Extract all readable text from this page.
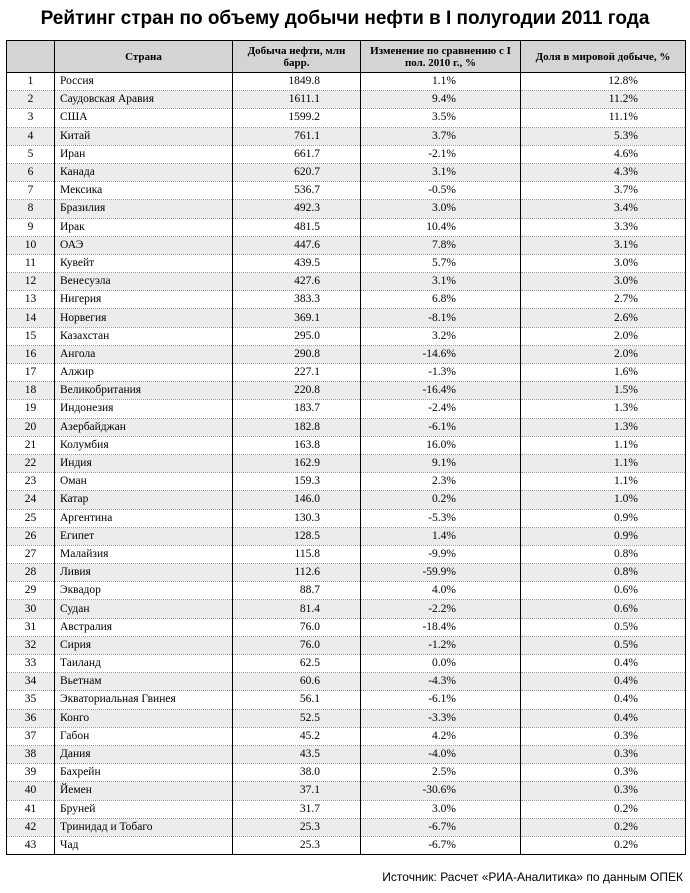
Рейтинг стран по объему добычи нефти в I полугодии 2011 года
	Страна	Добыча нефти, млн барр.	Изменение по сравнению с I пол. 2010 г., %	Доля в мировой добыче, %
1	Россия	1849.8	1.1%	12.8%
2	Саудовская Аравия	1611.1	9.4%	11.2%
3	США	1599.2	3.5%	11.1%
4	Китай	761.1	3.7%	5.3%
5	Иран	661.7	-2.1%	4.6%
6	Канада	620.7	3.1%	4.3%
7	Мексика	536.7	-0.5%	3.7%
8	Бразилия	492.3	3.0%	3.4%
9	Ирак	481.5	10.4%	3.3%
10	ОАЭ	447.6	7.8%	3.1%
11	Кувейт	439.5	5.7%	3.0%
12	Венесуэла	427.6	3.1%	3.0%
13	Нигерия	383.3	6.8%	2.7%
14	Норвегия	369.1	-8.1%	2.6%
15	Казахстан	295.0	3.2%	2.0%
16	Ангола	290.8	-14.6%	2.0%
17	Алжир	227.1	-1.3%	1.6%
18	Великобритания	220.8	-16.4%	1.5%
19	Индонезия	183.7	-2.4%	1.3%
20	Азербайджан	182.8	-6.1%	1.3%
21	Колумбия	163.8	16.0%	1.1%
22	Индия	162.9	9.1%	1.1%
23	Оман	159.3	2.3%	1.1%
24	Катар	146.0	0.2%	1.0%
25	Аргентина	130.3	-5.3%	0.9%
26	Египет	128.5	1.4%	0.9%
27	Малайзия	115.8	-9.9%	0.8%
28	Ливия	112.6	-59.9%	0.8%
29	Эквадор	88.7	4.0%	0.6%
30	Судан	81.4	-2.2%	0.6%
31	Австралия	76.0	-18.4%	0.5%
32	Сирия	76.0	-1.2%	0.5%
33	Таиланд	62.5	0.0%	0.4%
34	Вьетнам	60.6	-4.3%	0.4%
35	Экваториальная Гвинея	56.1	-6.1%	0.4%
36	Конго	52.5	-3.3%	0.4%
37	Габон	45.2	4.2%	0.3%
38	Дания	43.5	-4.0%	0.3%
39	Бахрейн	38.0	2.5%	0.3%
40	Йемен	37.1	-30.6%	0.3%
41	Бруней	31.7	3.0%	0.2%
42	Тринидад и Тобаго	25.3	-6.7%	0.2%
43	Чад	25.3	-6.7%	0.2%
Источник: Расчет «РИА-Аналитика» по данным ОПЕК
